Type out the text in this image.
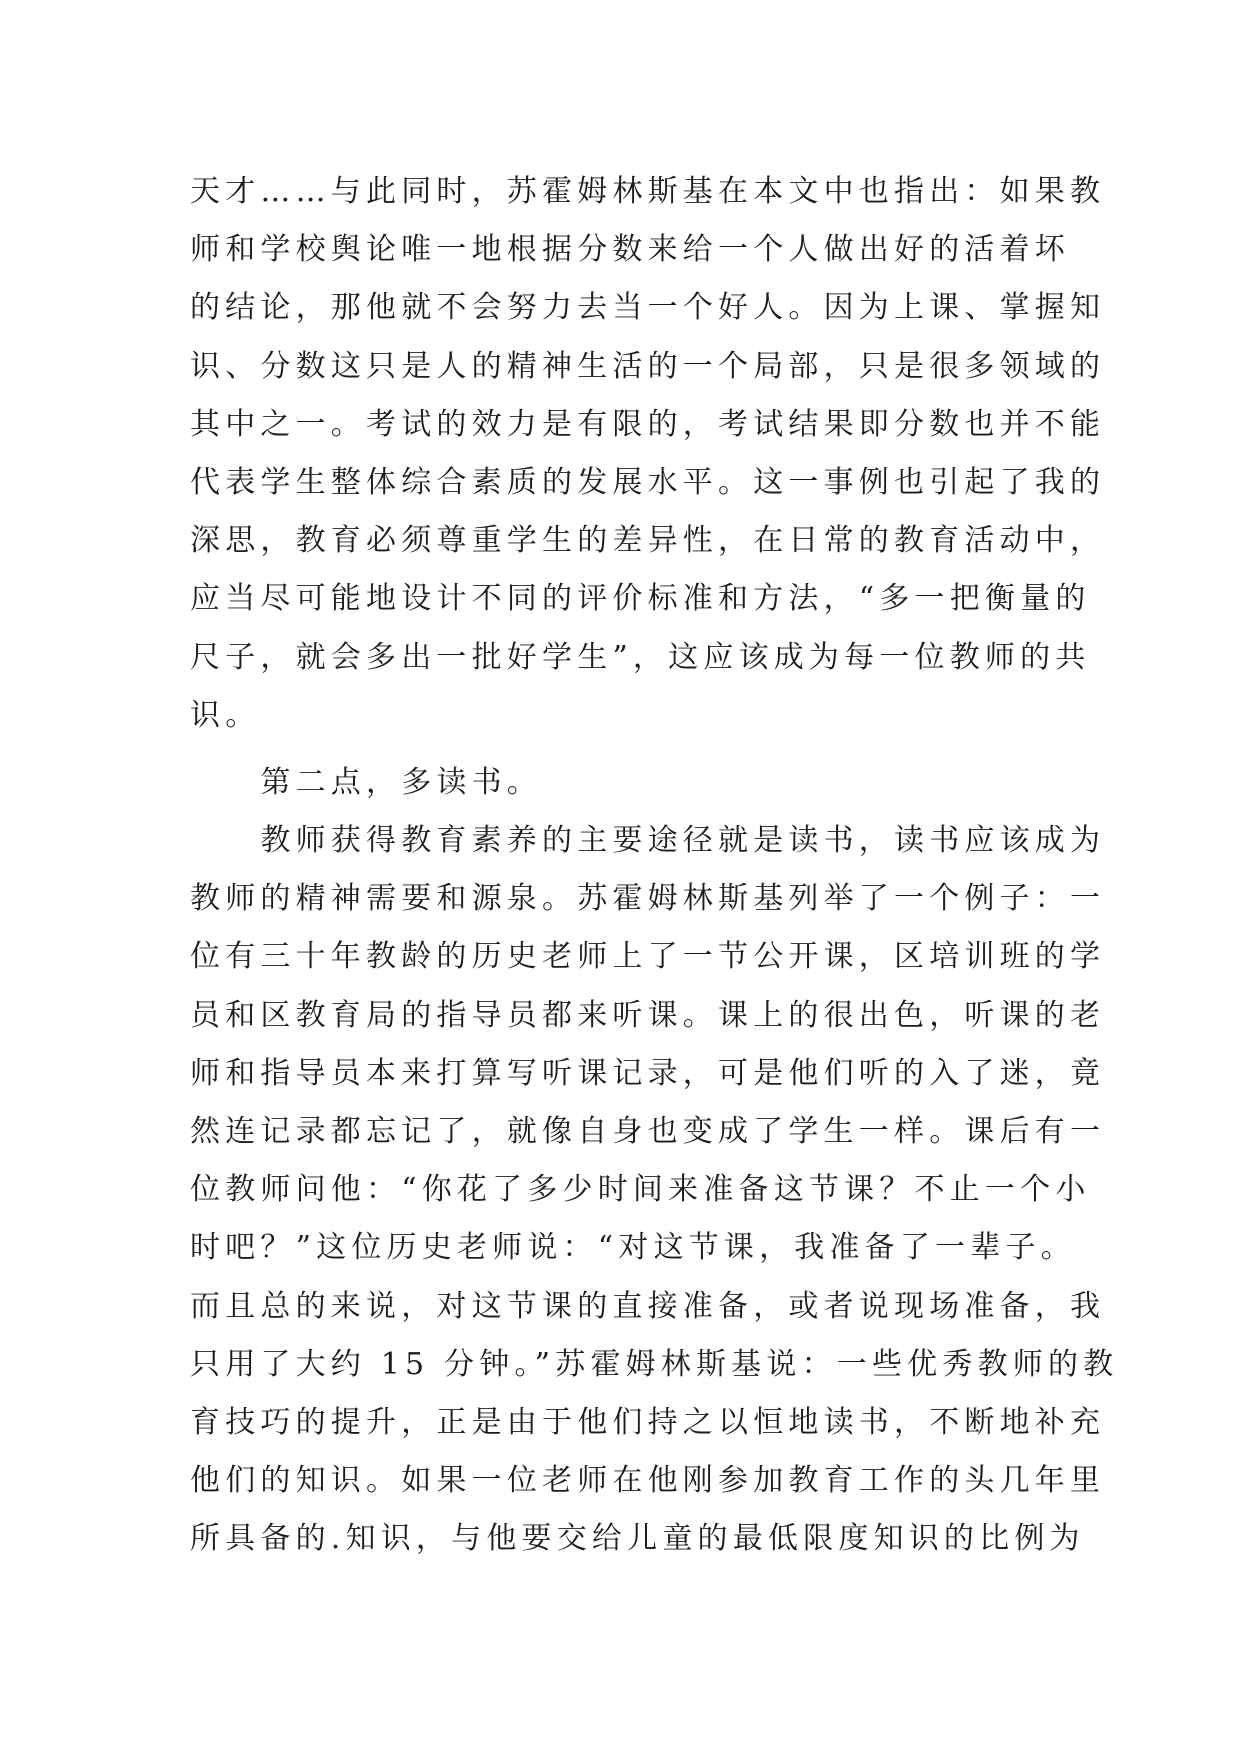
天才……与此同时，苏霍姆林斯基在本文中也指出：如果教
师和学校舆论唯一地根据分数来给一个人做出好的活着坏
的结论，那他就不会努力去当一个好人。因为上课、掌握知
识、分数这只是人的精神生活的一个局部，只是很多领域的
其中之一。考试的效力是有限的，考试结果即分数也并不能
代表学生整体综合素质的发展水平。这一事例也引起了我的
深思，教育必须尊重学生的差异性，在日常的教育活动中，
应当尽可能地设计不同的评价标准和方法，“多一把衡量的
尺子，就会多出一批好学生”，这应该成为每一位教师的共
识。
　　第二点，多读书。
　　教师获得教育素养的主要途径就是读书，读书应该成为
教师的精神需要和源泉。苏霍姆林斯基列举了一个例子：一
位有三十年教龄的历史老师上了一节公开课，区培训班的学
员和区教育局的指导员都来听课。课上的很出色，听课的老
师和指导员本来打算写听课记录，可是他们听的入了迷，竟
然连记录都忘记了，就像自身也变成了学生一样。课后有一
位教师问他：“你花了多少时间来准备这节课？不止一个小
时吧？”这位历史老师说：“对这节课，我准备了一辈子。
而且总的来说，对这节课的直接准备，或者说现场准备，我
只用了大约 15 分钟。”苏霍姆林斯基说：一些优秀教师的教
育技巧的提升，正是由于他们持之以恒地读书，不断地补充
他们的知识。如果一位老师在他刚参加教育工作的头几年里
所具备的.知识，与他要交给儿童的最低限度知识的比例为
